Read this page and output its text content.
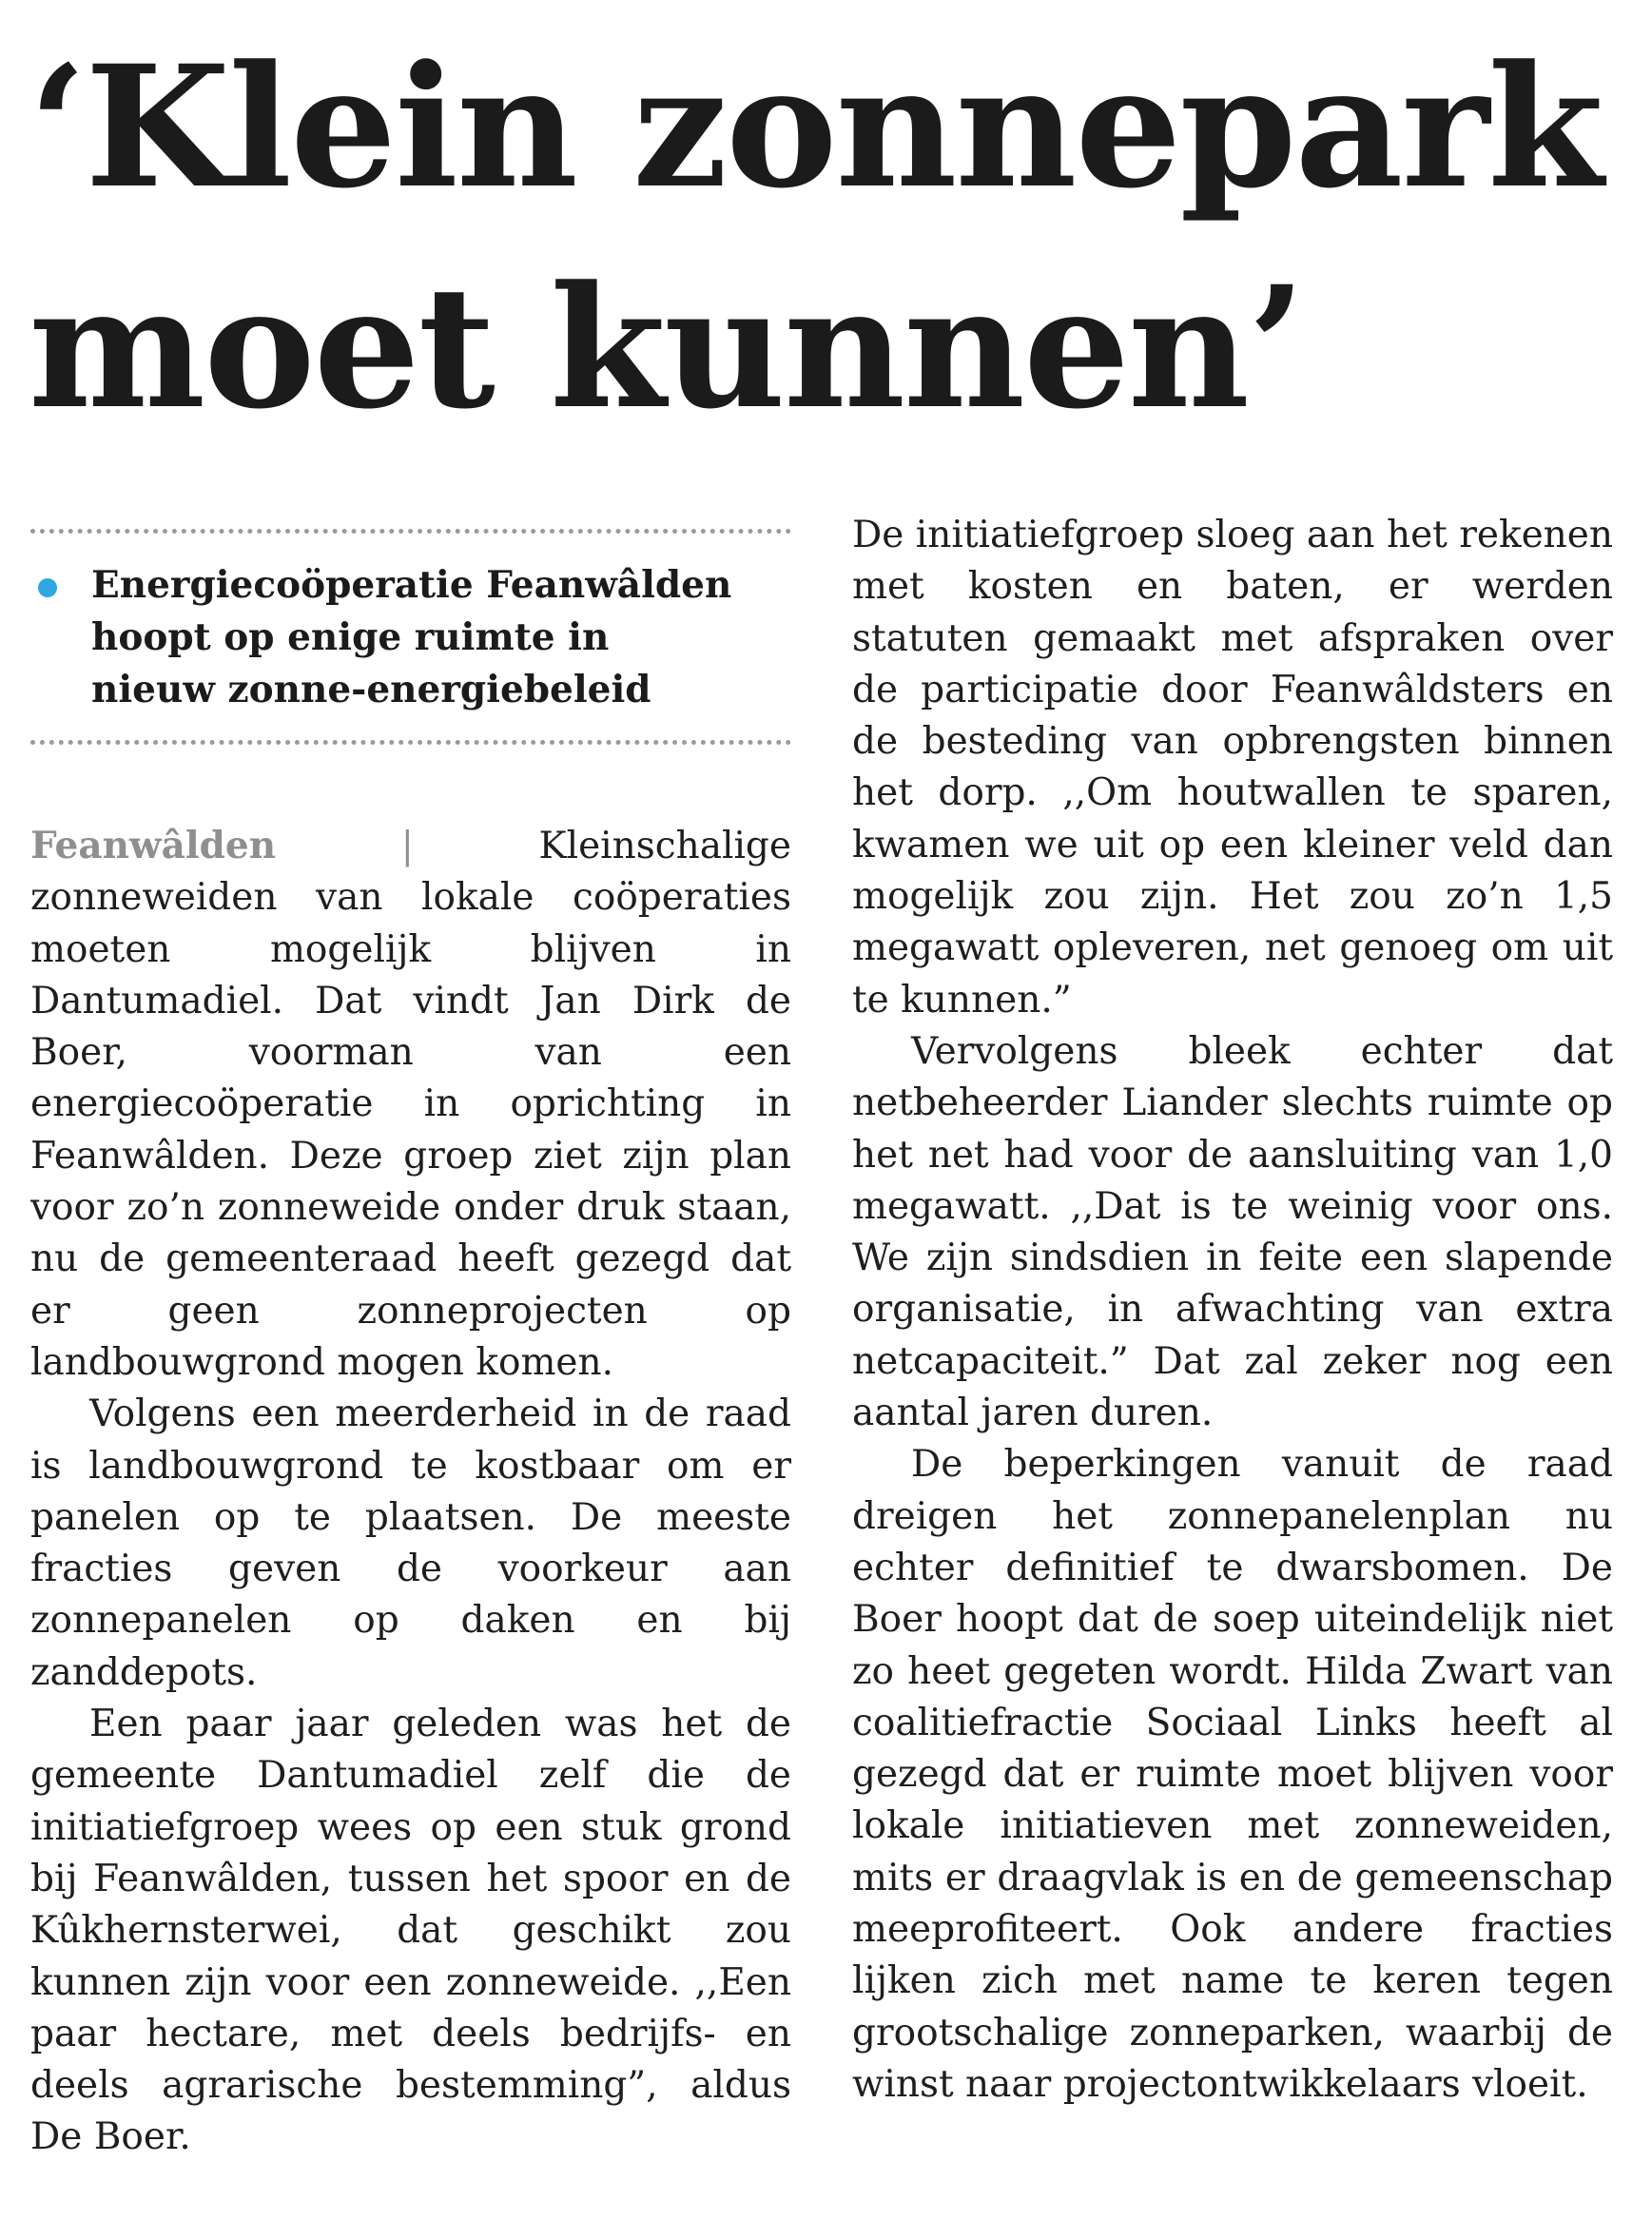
‘Klein zonnepark
moet kunnen’
Energiecoöperatie Feanwâlden
hoopt op enige ruimte in
nieuw zonne-energiebeleid

Feanwâlden	|	Kleinschalige zonneweiden van lokale coöperaties moeten mogelijk blijven in Dantumadiel. Dat vindt Jan Dirk de Boer, voorman van een energiecoöperatie in oprichting in Feanwâlden. Deze groep ziet zijn plan voor zo’n zonneweide onder druk staan, nu de gemeenteraad heeft gezegd dat er geen zonneprojecten op landbouwgrond mogen komen.

Volgens een meerderheid in de raad is landbouwgrond te kostbaar om er panelen op te plaatsen. De meeste fracties geven de voorkeur aan zonnepanelen op daken en bij zanddepots.

Een paar jaar geleden was het de gemeente Dantumadiel zelf die de initiatiefgroep wees op een stuk grond bij Feanwâlden, tussen het spoor en de Kûkhernsterwei, dat geschikt zou kunnen zijn voor een zonneweide. ,,Een paar hectare, met deels bedrijfs- en deels agrarische bestemming”, aldus De Boer.

De initiatiefgroep sloeg aan het rekenen met kosten en baten, er werden statuten gemaakt met afspraken over de participatie door Feanwâldsters en de besteding van opbrengsten binnen het dorp. ,,Om houtwallen te sparen, kwamen we uit op een kleiner veld dan mogelijk zou zijn. Het zou zo’n 1,5 megawatt opleveren, net genoeg om uit te kunnen.”

Vervolgens bleek echter dat netbeheerder Liander slechts ruimte op het net had voor de aansluiting van 1,0 megawatt. ,,Dat is te weinig voor ons. We zijn sindsdien in feite een slapende organisatie, in afwachting van extra netcapaciteit.” Dat zal zeker nog een aantal jaren duren.

De beperkingen vanuit de raad dreigen het zonnepanelenplan nu echter definitief te dwarsbomen. De Boer hoopt dat de soep uiteindelijk niet zo heet gegeten wordt. Hilda Zwart van coalitiefractie Sociaal Links heeft al gezegd dat er ruimte moet blijven voor lokale initiatieven met zonneweiden, mits er draagvlak is en de gemeenschap meeprofiteert. Ook andere fracties lijken zich met name te keren tegen grootschalige zonneparken, waarbij de winst naar projectontwikkelaars vloeit.
